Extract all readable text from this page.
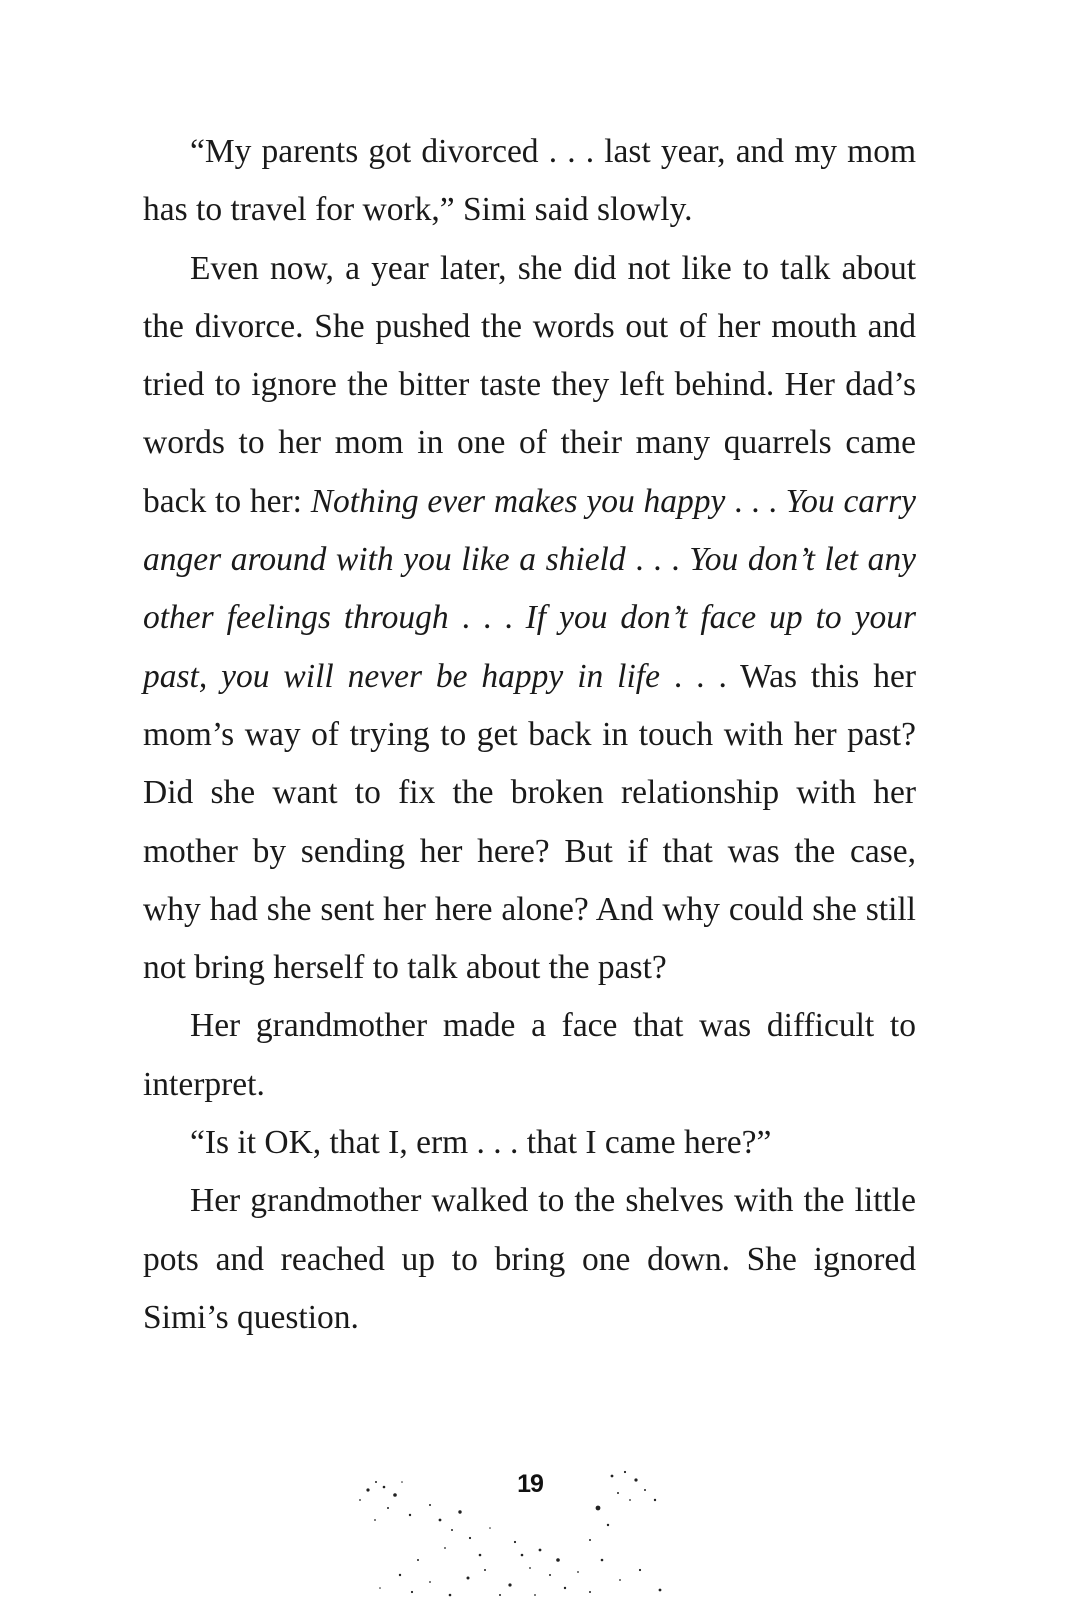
“My parents got divorced . . . last year, and my mom has to travel for work,” Simi said slowly.

Even now, a year later, she did not like to talk about the divorce. She pushed the words out of her mouth and tried to ignore the bitter taste they left behind. Her dad’s words to her mom in one of their many quarrels came back to her: Nothing ever makes you happy . . . You carry anger around with you like a shield . . . You don’t let any other feelings through . . . If you don’t face up to your past, you will never be happy in life . . . Was this her mom’s way of trying to get back in touch with her past? Did she want to fix the broken relationship with her mother by sending her here? But if that was the case, why had she sent her here alone? And why could she still not bring herself to talk about the past?

Her grandmother made a face that was difficult to interpret.

“Is it OK, that I, erm . . . that I came here?”

Her grandmother walked to the shelves with the little pots and reached up to bring one down. She ignored Simi’s question.

19
